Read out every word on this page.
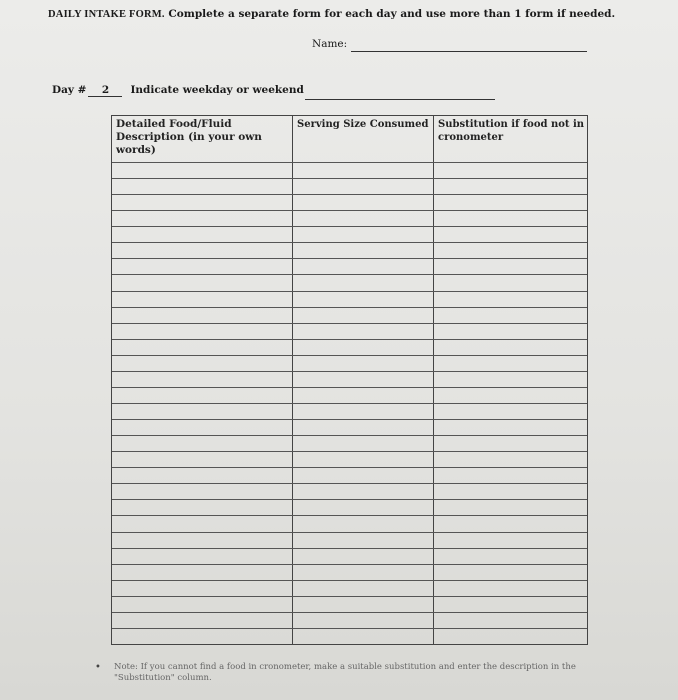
DAILY INTAKE FORM. Complete a separate form for each day and use more than 1 form if needed.
Name:
Day # 2 Indicate weekday or weekend
Detailed Food/Fluid Description (in your own words)
Serving Size Consumed Substitution if food not in cronometer
• Note: If you cannot find a food in cronometer, make a suitable substitution and enter the description in the "Substitution" column.
